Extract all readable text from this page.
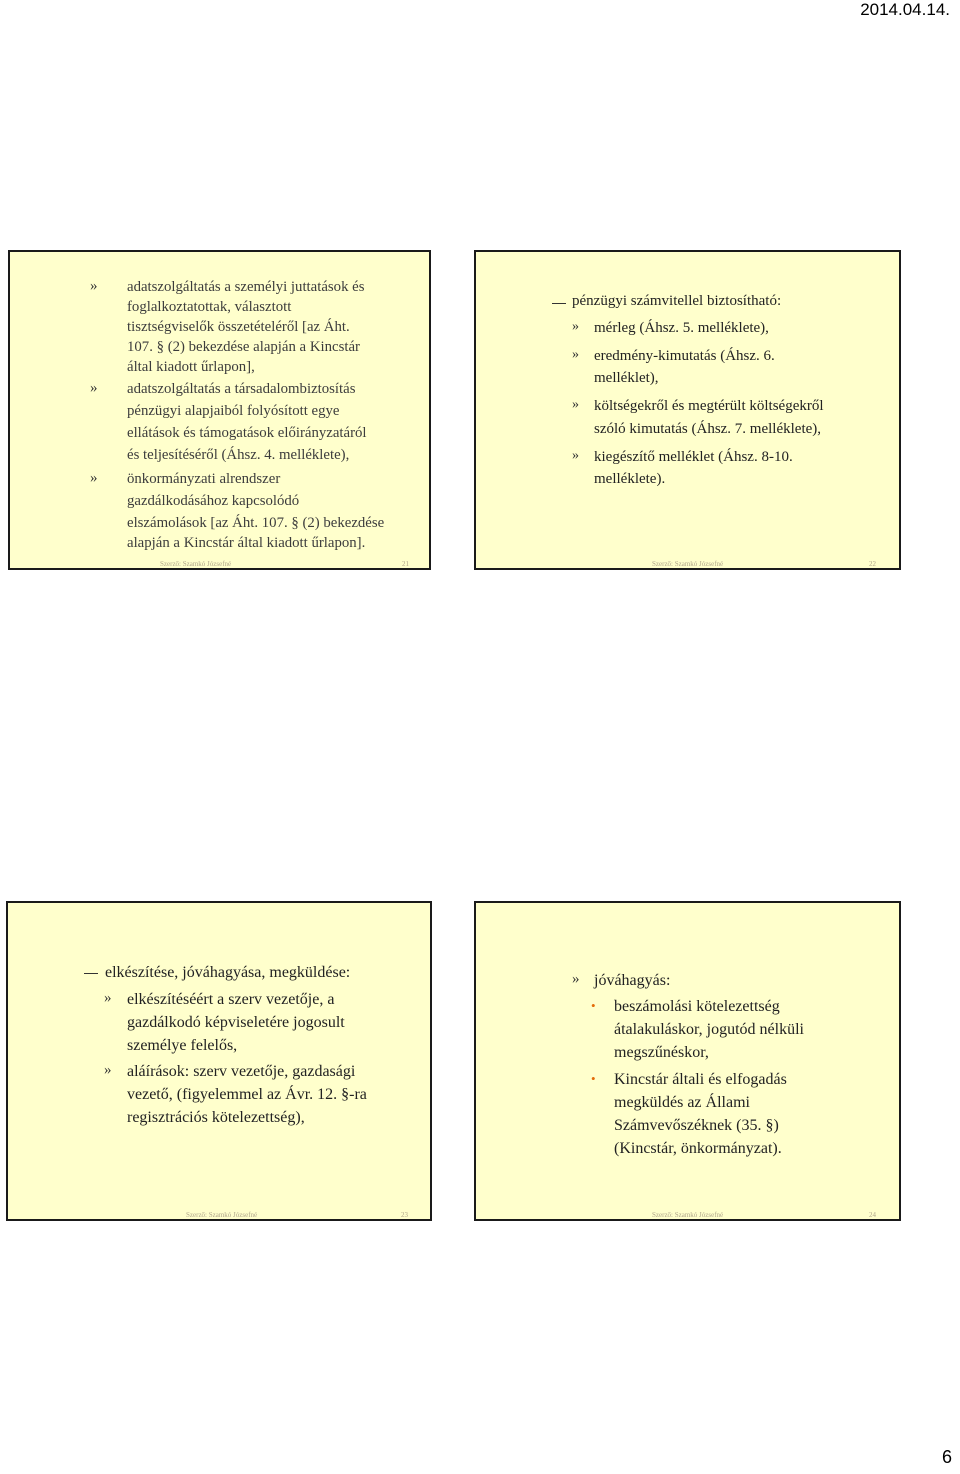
2014.04.14.
» adatszolgáltatás a személyi juttatások és
foglalkoztatottak, választott
tisztségviselők összetételéről [az Áht.
107. § (2) bekezdése alapján a Kincstár
által kiadott űrlapon],
» adatszolgáltatás a társadalombiztosítás
pénzügyi alapjaiból folyósított egye
ellátások és támogatások előirányzatáról
és teljesítéséről (Áhsz. 4. melléklete),
» önkormányzati alrendszer
gazdálkodásához kapcsolódó
elszámolások [az Áht. 107. § (2) bekezdése
alapján a Kincstár által kiadott űrlapon].
Szerző: Szamkó Józsefné	21
pénzügyi számvitellel biztosítható:
» mérleg (Áhsz. 5. melléklete),
» eredmény-kimutatás (Áhsz. 6.
melléklet),
» költségekről és megtérült költségekről
szóló kimutatás (Áhsz. 7. melléklete),
» kiegészítő melléklet (Áhsz. 8-10.
melléklete).
Szerző: Szamkó Józsefné	22
elkészítése, jóváhagyása, megküldése:
» elkészítéséért a szerv vezetője, a
gazdálkodó képviseletére jogosult
személye felelős,
» aláírások: szerv vezetője, gazdasági
vezető, (figyelemmel az Ávr. 12. §-ra
regisztrációs kötelezettség),
Szerző: Szamkó Józsefné	23
» jóváhagyás:
• beszámolási kötelezettség
átalakuláskor, jogutód nélküli
megszűnéskor,
• Kincstár általi és elfogadás
megküldés az Állami
Számvevőszéknek (35. §)
(Kincstár, önkormányzat).
Szerző: Szamkó Józsefné	24
6
